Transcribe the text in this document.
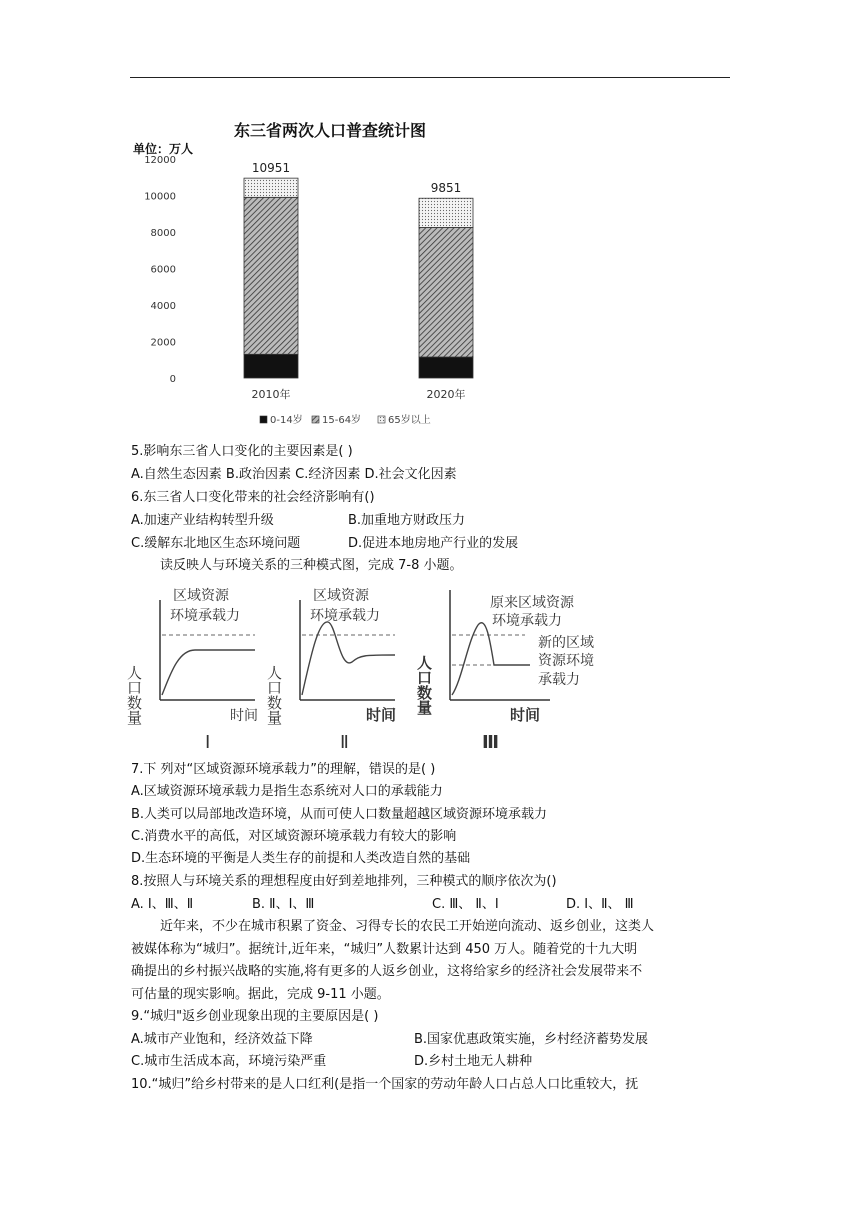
东三省两次人口普查统计图
单位：万人
0
2000
4000
6000
8000
10000
12000
10951
2010年
9851
2020年
0-14岁 15-64岁	65岁以上
5.影响东三省人口变化的主要因素是( )
A.自然生态因素 B.政治因素 C.经济因素 D.社会文化因素
6.东三省人口变化带来的社会经济影响有()
A.加速产业结构转型升级	B.加重地方财政压力
C.缓解东北地区生态环境问题	D.促进本地房地产行业的发展
读反映人与环境关系的三种模式图，完成 7-8 小题。
人口数量
区域资源
环境承载力
时间
Ⅰ
人口数量
区域资源
环境承载力
时间
Ⅱ
人口数量
原来区域资源
环境承载力
新的区域
资源环境
承载力
时间
Ⅲ
7.下 列对“区域资源环境承载力”的理解，错误的是( )
A.区域资源环境承载力是指生态系统对人口的承载能力
B.人类可以局部地改造环境，从而可使人口数量超越区域资源环境承载力
C.消费水平的高低，对区域资源环境承载力有较大的影响
D.生态环境的平衡是人类生存的前提和人类改造自然的基础
8.按照人与环境关系的理想程度由好到差地排列，三种模式的顺序依次为()
A. Ⅰ、Ⅲ、Ⅱ	B. Ⅱ、Ⅰ、Ⅲ	C. Ⅲ、 Ⅱ、Ⅰ	D. Ⅰ、Ⅱ、 Ⅲ
近年来，不少在城市积累了资金、习得专长的农民工开始逆向流动、返乡创业，这类人
被媒体称为“城归”。据统计,近年来，“城归”人数累计达到 450 万人。随着党的十九大明
确提出的乡村振兴战略的实施,将有更多的人返乡创业，这将给家乡的经济社会发展带来不
可估量的现实影响。据此，完成 9-11 小题。
9.“城归"返乡创业现象出现的主要原因是( )
A.城市产业饱和，经济效益下降	B.国家优惠政策实施，乡村经济蓄势发展
C.城市生活成本高，环境污染严重	D.乡村土地无人耕种
10.“城归”给乡村带来的是人口红利(是指一个国家的劳动年龄人口占总人口比重较大，抚
